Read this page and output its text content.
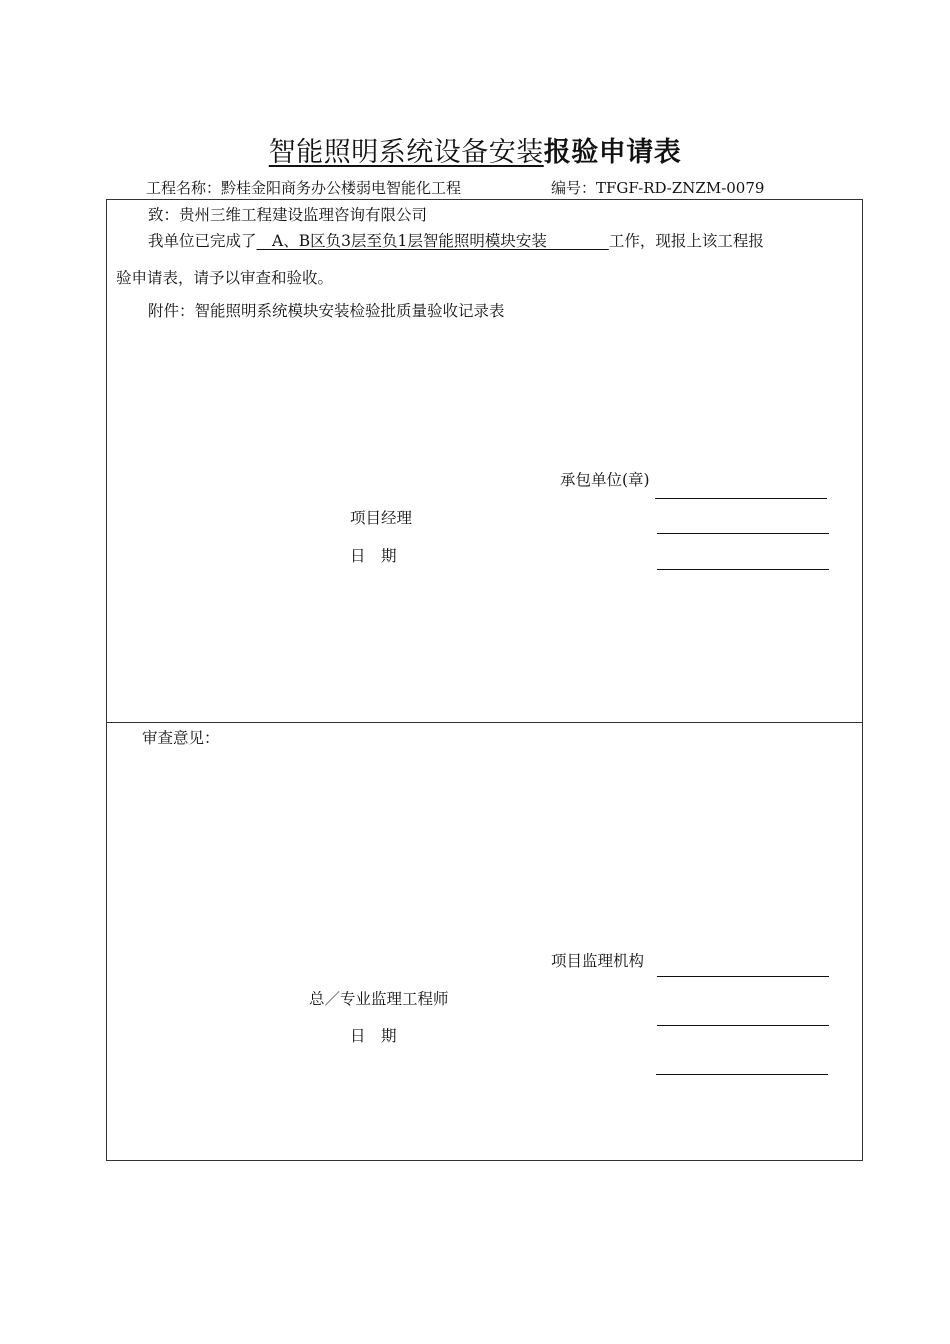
智能照明系统设备安装报验申请表
工程名称：黔桂金阳商务办公楼弱电智能化工程	编号：TFGF-RD-ZNZM-0079
致：贵州三维工程建设监理咨询有限公司
我单位已完成了　A、B区负3层至负1层智能照明模块安装　　　　工作，现报上该工程报
验申请表，请予以审查和验收。
附件：智能照明系统模块安装检验批质量验收记录表
承包单位(章)
项目经理
日　期
审查意见：
项目监理机构
总／专业监理工程师
日　期
